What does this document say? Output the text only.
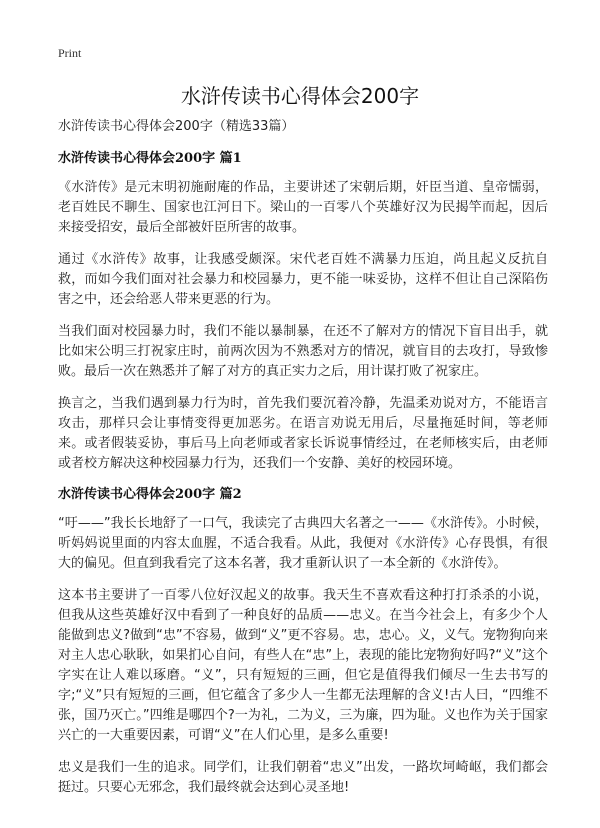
Print
水浒传读书心得体会200字

水浒传读书心得体会200字（精选33篇）

水浒传读书心得体会200字 篇1

《水浒传》是元末明初施耐庵的作品，主要讲述了宋朝后期，奸臣当道、皇帝懦弱，老百姓民不聊生、国家也江河日下。梁山的一百零八个英雄好汉为民揭竿而起，因后来接受招安，最后全部被奸臣所害的故事。

通过《水浒传》故事，让我感受颇深。宋代老百姓不满暴力压迫，尚且起义反抗自救，而如今我们面对社会暴力和校园暴力，更不能一味妥协，这样不但让自己深陷伤害之中，还会给恶人带来更恶的行为。

当我们面对校园暴力时，我们不能以暴制暴，在还不了解对方的情况下盲目出手，就比如宋公明三打祝家庄时，前两次因为不熟悉对方的情况，就盲目的去攻打，导致惨败。最后一次在熟悉并了解了对方的真正实力之后，用计谋打败了祝家庄。

换言之，当我们遇到暴力行为时，首先我们要沉着冷静，先温柔劝说对方，不能语言攻击，那样只会让事情变得更加恶劣。在语言劝说无用后，尽量拖延时间，等老师来。或者假装妥协，事后马上向老师或者家长诉说事情经过，在老师核实后，由老师或者校方解决这种校园暴力行为，还我们一个安静、美好的校园环境。

水浒传读书心得体会200字 篇2

“吁——”我长长地舒了一口气，我读完了古典四大名著之一——《水浒传》。小时候，听妈妈说里面的内容太血腥，不适合我看。从此，我便对《水浒传》心存畏惧，有很大的偏见。但直到我看完了这本名著，我才重新认识了一本全新的《水浒传》。

这本书主要讲了一百零八位好汉起义的故事。我天生不喜欢看这种打打杀杀的小说，但我从这些英雄好汉中看到了一种良好的品质——忠义。在当今社会上，有多少个人能做到忠义?做到“忠”不容易，做到“义”更不容易。忠，忠心。义，义气。宠物狗向来对主人忠心耿耿，如果扪心自问，有些人在“忠”上，表现的能比宠物狗好吗?“义”这个字实在让人难以琢磨。“义”，只有短短的三画，但它是值得我们倾尽一生去书写的字;“义”只有短短的三画，但它蕴含了多少人一生都无法理解的含义!古人曰，“四维不张，国乃灭亡。”四维是哪四个?一为礼，二为义，三为廉，四为耻。义也作为关于国家兴亡的一大重要因素，可谓“义”在人们心里，是多么重要!

忠义是我们一生的追求。同学们，让我们朝着“忠义”出发，一路坎坷崎岖，我们都会挺过。只要心无邪念，我们最终就会达到心灵圣地!
